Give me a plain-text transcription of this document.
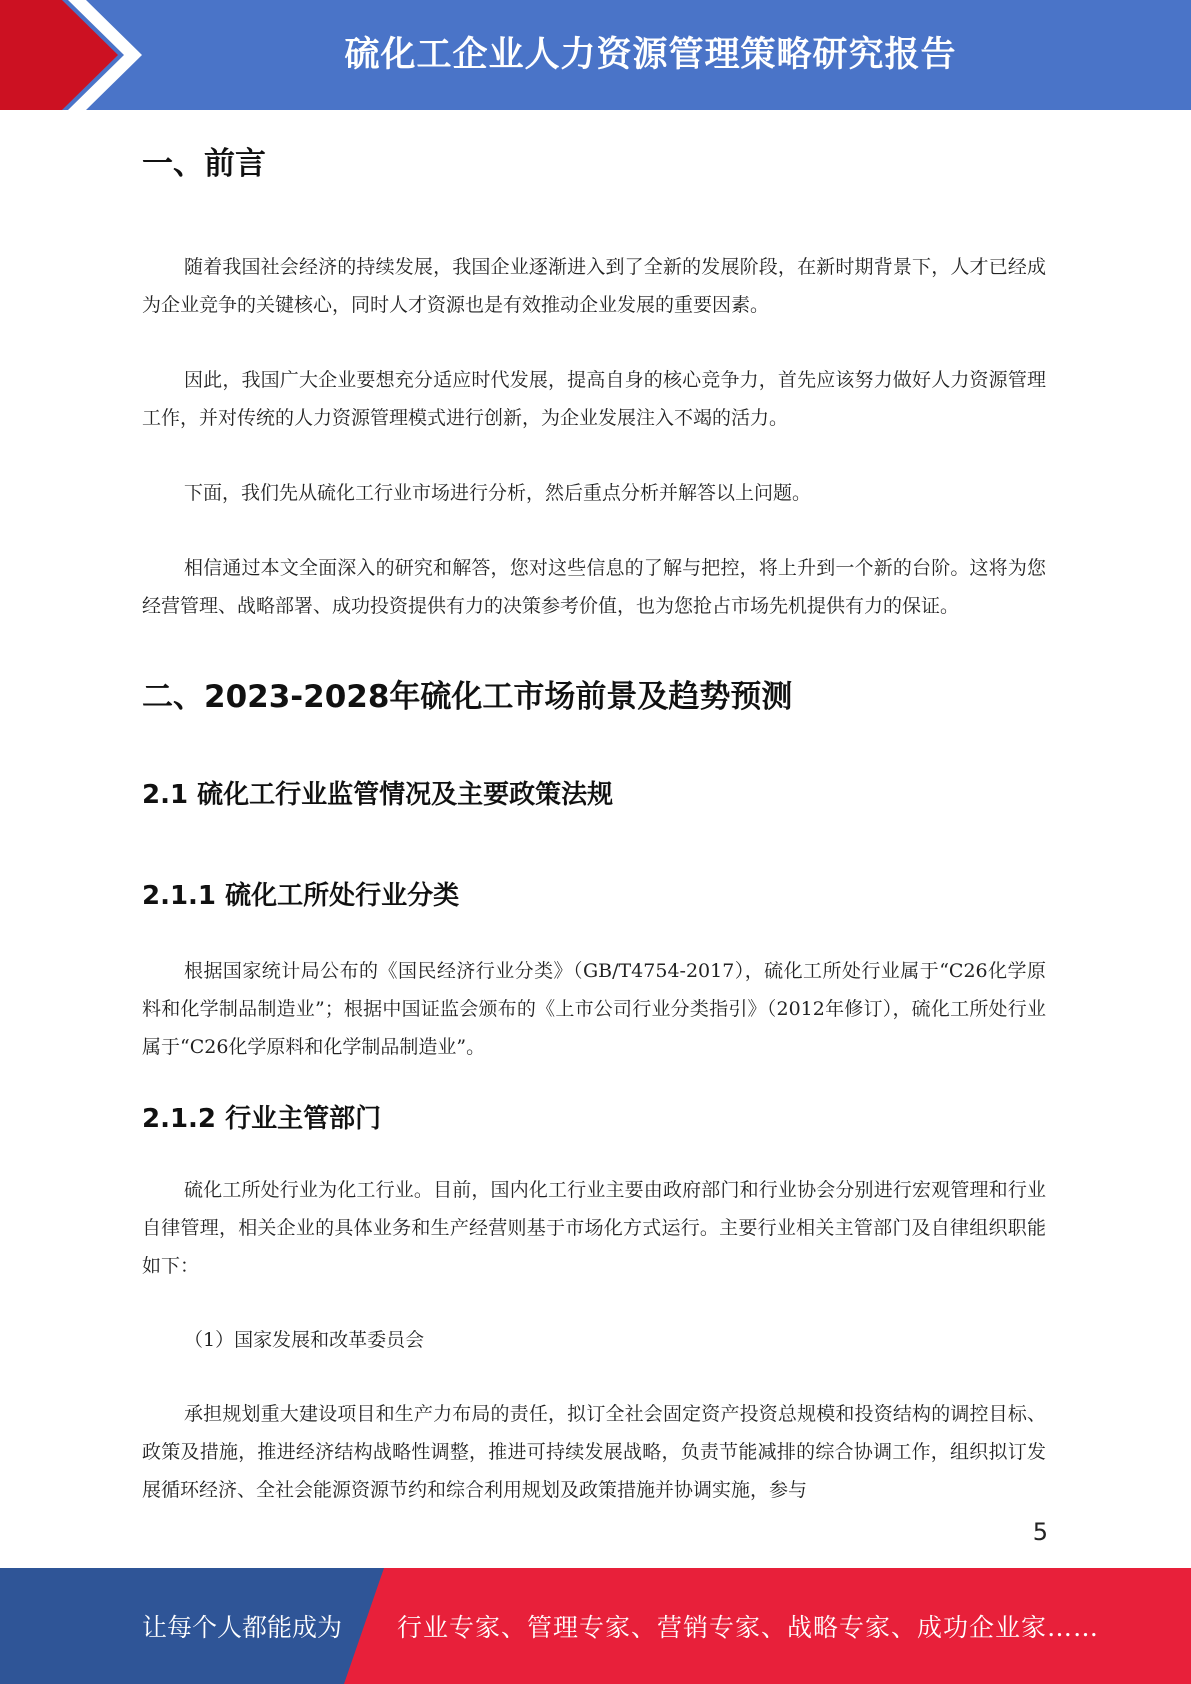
硫化工企业人力资源管理策略研究报告
一、前言

随着我国社会经济的持续发展，我国企业逐渐进入到了全新的发展阶段，在新时期背景下，人才已经成为企业竞争的关键核心，同时人才资源也是有效推动企业发展的重要因素。

因此，我国广大企业要想充分适应时代发展，提高自身的核心竞争力，首先应该努力做好人力资源管理工作，并对传统的人力资源管理模式进行创新，为企业发展注入不竭的活力。

下面，我们先从硫化工行业市场进行分析，然后重点分析并解答以上问题。

相信通过本文全面深入的研究和解答，您对这些信息的了解与把控，将上升到一个新的台阶。这将为您经营管理、战略部署、成功投资提供有力的决策参考价值，也为您抢占市场先机提供有力的保证。

二、2023-2028年硫化工市场前景及趋势预测
2.1 硫化工行业监管情况及主要政策法规
2.1.1 硫化工所处行业分类

根据国家统计局公布的《国民经济行业分类》（GB/T4754-2017），硫化工所处行业属于“C26化学原料和化学制品制造业”；根据中国证监会颁布的《上市公司行业分类指引》（2012年修订），硫化工所处行业属于“C26化学原料和化学制品制造业”。

2.1.2 行业主管部门

硫化工所处行业为化工行业。目前，国内化工行业主要由政府部门和行业协会分别进行宏观管理和行业自律管理，相关企业的具体业务和生产经营则基于市场化方式运行。主要行业相关主管部门及自律组织职能如下：

（1）国家发展和改革委员会

承担规划重大建设项目和生产力布局的责任，拟订全社会固定资产投资总规模和投资结构的调控目标、政策及措施，推进经济结构战略性调整，推进可持续发展战略，负责节能减排的综合协调工作，组织拟订发展循环经济、全社会能源资源节约和综合利用规划及政策措施并协调实施，参与

5
让每个人都能成为 行业专家、管理专家、营销专家、战略专家、成功企业家……
